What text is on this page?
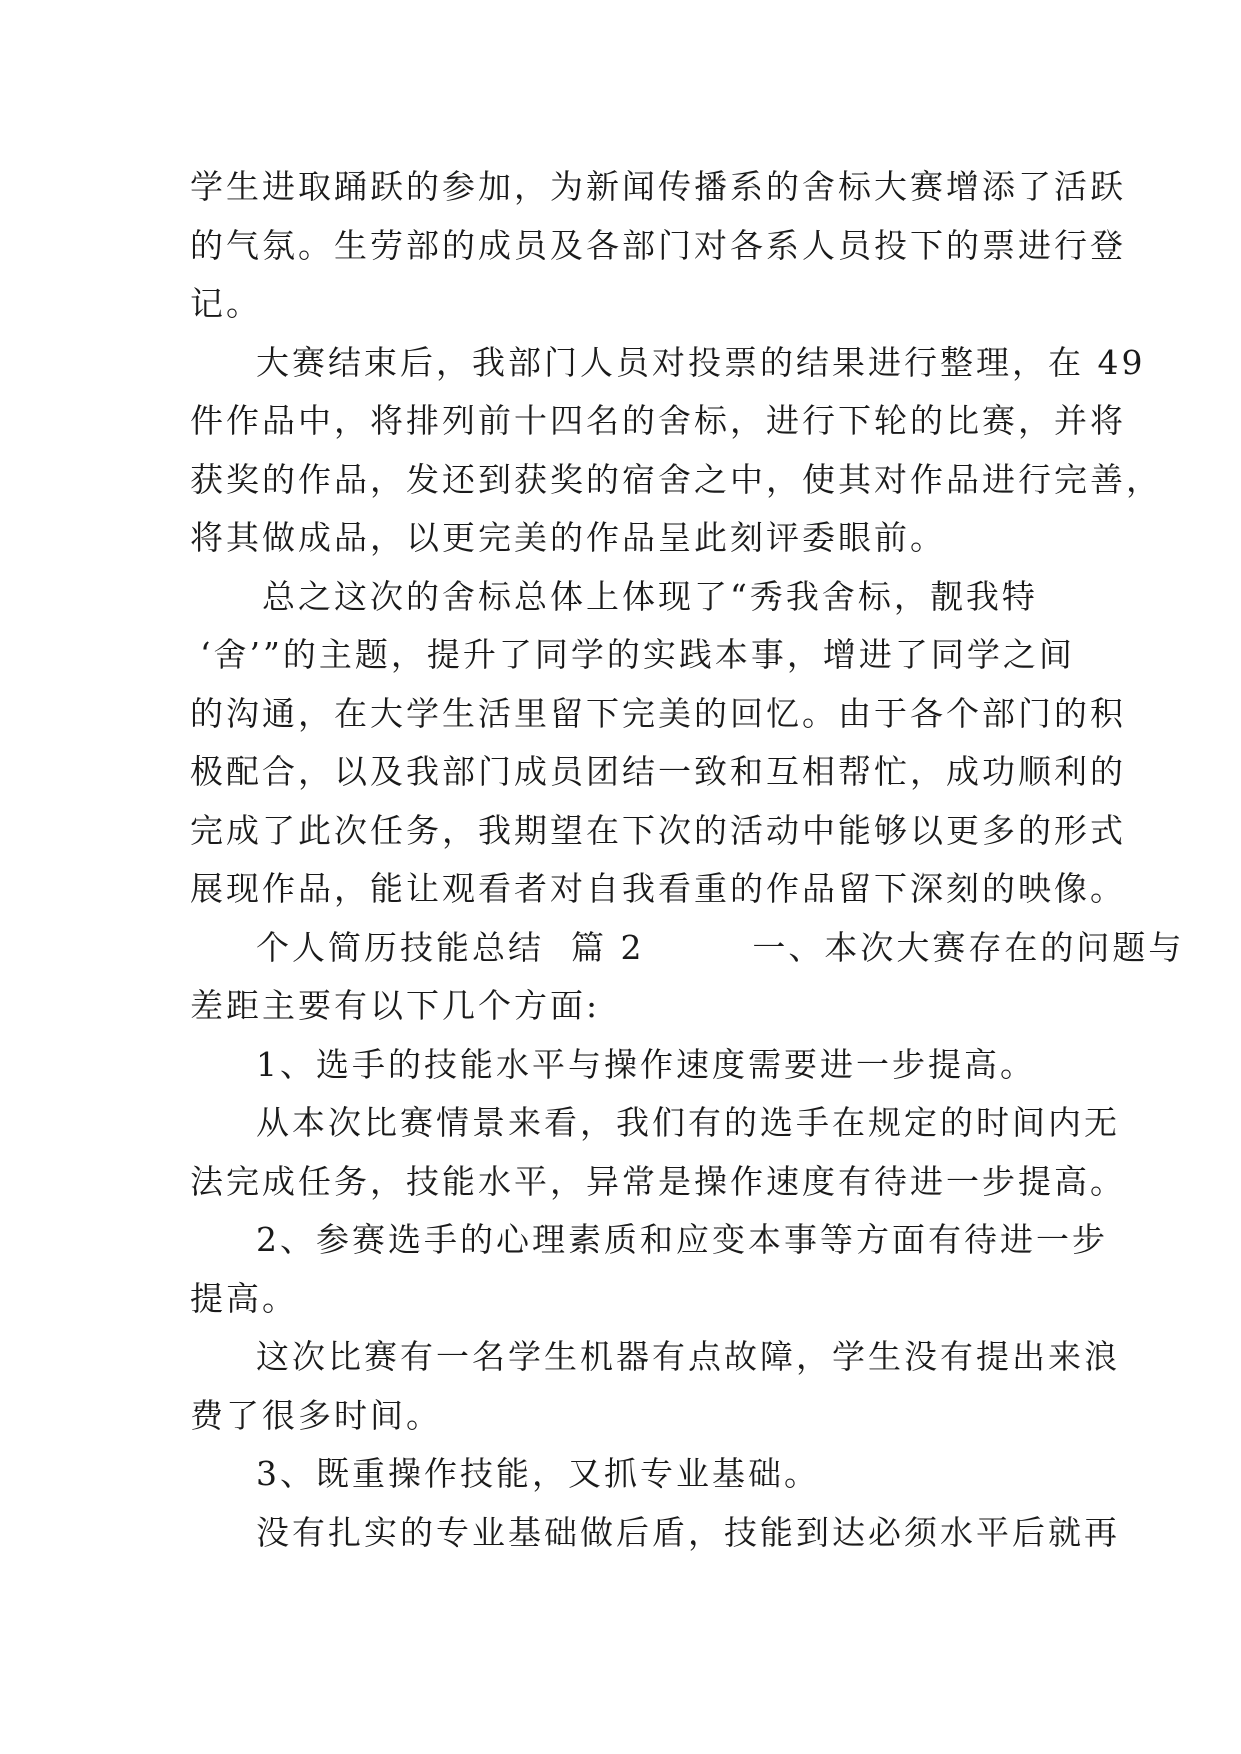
学生进取踊跃的参加，为新闻传播系的舍标大赛增添了活跃
的气氛。生劳部的成员及各部门对各系人员投下的票进行登
记。
大赛结束后，我部门人员对投票的结果进行整理，在 49
件作品中，将排列前十四名的舍标，进行下轮的比赛，并将
获奖的作品，发还到获奖的宿舍之中，使其对作品进行完善，
将其做成品，以更完美的作品呈此刻评委眼前。
总之这次的舍标总体上体现了“秀我舍标，靓我特
‘舍’”的主题，提升了同学的实践本事，增进了同学之间
的沟通，在大学生活里留下完美的回忆。由于各个部门的积
极配合，以及我部门成员团结一致和互相帮忙，成功顺利的
完成了此次任务，我期望在下次的活动中能够以更多的形式
展现作品，能让观看者对自我看重的作品留下深刻的映像。
个人简历技能总结  篇 2        一、本次大赛存在的问题与
差距主要有以下几个方面:
1、选手的技能水平与操作速度需要进一步提高。
从本次比赛情景来看，我们有的选手在规定的时间内无
法完成任务，技能水平，异常是操作速度有待进一步提高。
2、参赛选手的心理素质和应变本事等方面有待进一步
提高。
这次比赛有一名学生机器有点故障，学生没有提出来浪
费了很多时间。
3、既重操作技能，又抓专业基础。
没有扎实的专业基础做后盾，技能到达必须水平后就再
